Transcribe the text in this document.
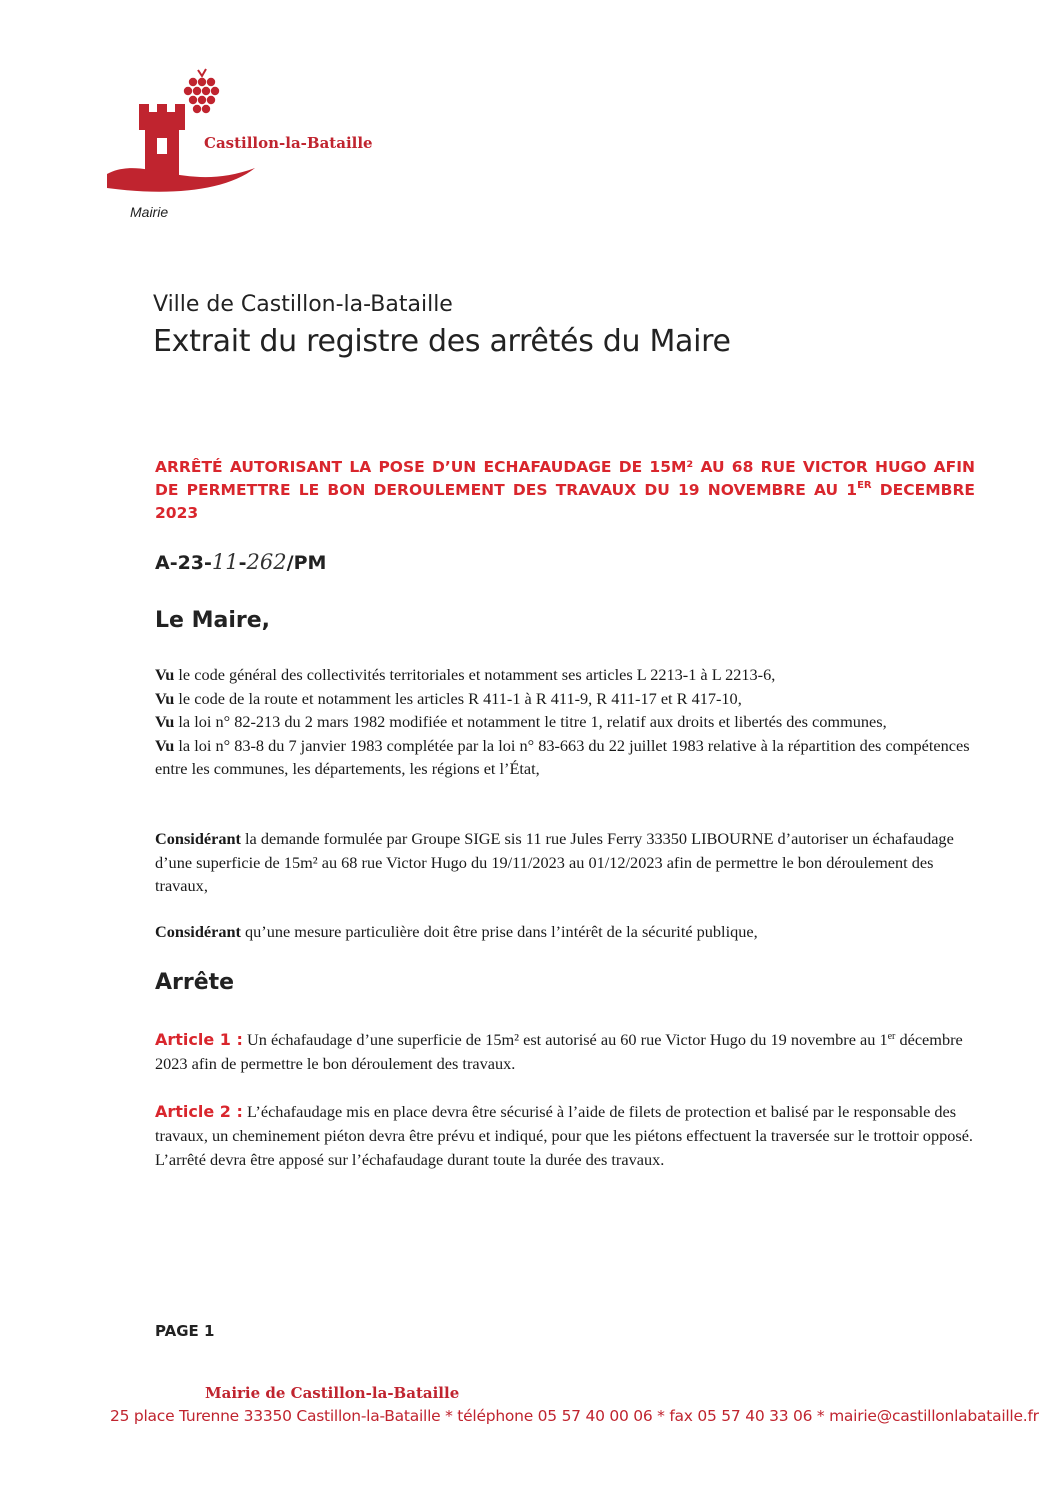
Castillon-la-Bataille
Mairie
Ville de Castillon-la-Bataille
Extrait du registre des arrêtés du Maire
ARRÊTÉ AUTORISANT LA POSE D’UN ECHAFAUDAGE DE 15M² AU 68 RUE VICTOR HUGO AFIN DE PERMETTRE LE BON DEROULEMENT DES TRAVAUX DU 19 NOVEMBRE AU 1ER DECEMBRE 2023
A-23-11-262/PM
Le Maire,

Vu le code général des collectivités territoriales et notamment ses articles L 2213-1 à L 2213-6,

Vu le code de la route et notamment les articles R 411-1 à R 411-9, R 411-17 et R 417-10,

Vu la loi n° 82-213 du 2 mars 1982 modifiée et notamment le titre 1, relatif aux droits et libertés des communes,

Vu la loi n° 83-8 du 7 janvier 1983 complétée par la loi n° 83-663 du 22 juillet 1983 relative à la répartition des compétences entre les communes, les départements, les régions et l’État,

Considérant la demande formulée par Groupe SIGE sis 11 rue Jules Ferry 33350 LIBOURNE d’autoriser un échafaudage d’une superficie de 15m² au 68 rue Victor Hugo du 19/11/2023 au 01/12/2023 afin de permettre le bon déroulement des travaux,

Considérant qu’une mesure particulière doit être prise dans l’intérêt de la sécurité publique,

Arrête

Article 1 : Un échafaudage d’une superficie de 15m² est autorisé au 60 rue Victor Hugo du 19 novembre au 1er décembre 2023 afin de permettre le bon déroulement des travaux.

Article 2 : L’échafaudage mis en place devra être sécurisé à l’aide de filets de protection et balisé par le responsable des travaux, un cheminement piéton devra être prévu et indiqué, pour que les piétons effectuent la traversée sur le trottoir opposé. L’arrêté devra être apposé sur l’échafaudage durant toute la durée des travaux.

PAGE 1
Mairie de Castillon-la-Bataille
25 place Turenne 33350 Castillon-la-Bataille * téléphone 05 57 40 00 06 * fax 05 57 40 33 06 * mairie@castillonlabataille.fr
